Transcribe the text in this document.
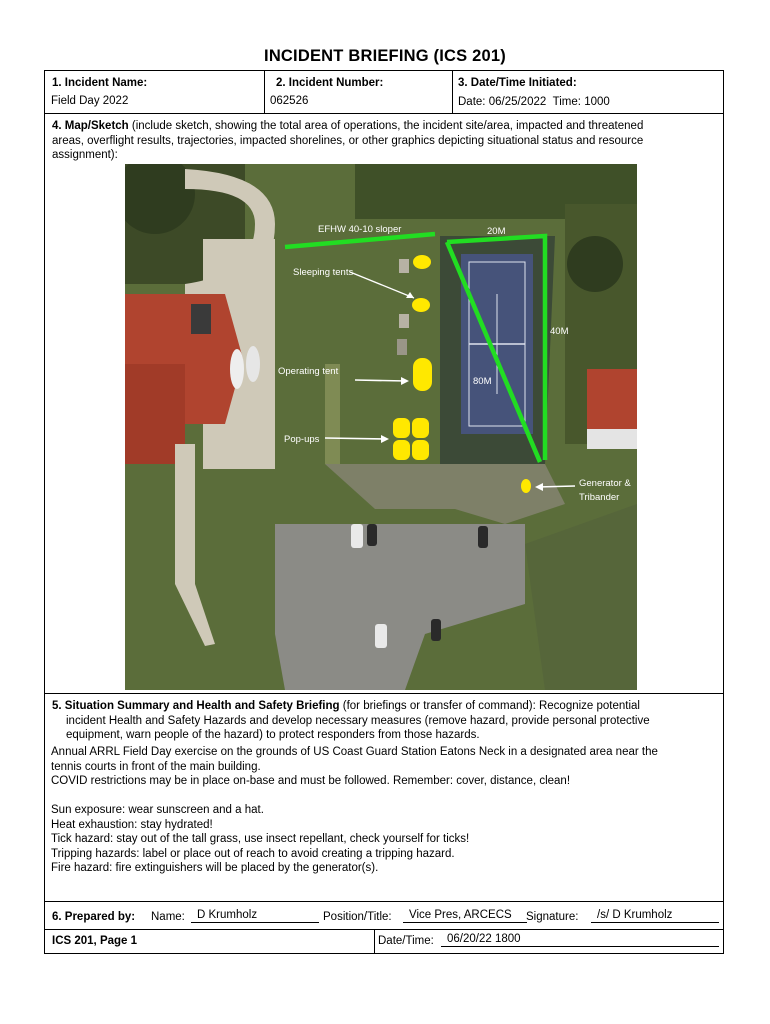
INCIDENT BRIEFING (ICS 201)
1. Incident Name:
Field Day 2022
2. Incident Number:
062526
3. Date/Time Initiated:
Date: 06/25/2022 Time: 1000
4. Map/Sketch (include sketch, showing the total area of operations, the incident site/area, impacted and threatened
areas, overflight results, trajectories, impacted shorelines, or other graphics depicting situational status and resource
assignment):
EFHW 40-10 sloper	20M
40M
80M
Sleeping tents
Operating tent
Pop-ups
Generator &
Tribander
5. Situation Summary and Health and Safety Briefing (for briefings or transfer of command): Recognize potential
incident Health and Safety Hazards and develop necessary measures (remove hazard, provide personal protective
equipment, warn people of the hazard) to protect responders from those hazards.
Annual ARRL Field Day exercise on the grounds of US Coast Guard Station Eatons Neck in a designated area near the
tennis courts in front of the main building.
COVID restrictions may be in place on-base and must be followed. Remember: cover, distance, clean!
Sun exposure: wear sunscreen and a hat.
Heat exhaustion: stay hydrated!
Tick hazard: stay out of the tall grass, use insect repellant, check yourself for ticks!
Tripping hazards: label or place out of reach to avoid creating a tripping hazard.
Fire hazard: fire extinguishers will be placed by the generator(s).
6. Prepared by: Name:	D Krumholz	Position/Title:	Vice Pres, ARCECS	Signature:	/s/ D Krumholz
ICS 201, Page 1	Date/Time:	06/20/22 1800
